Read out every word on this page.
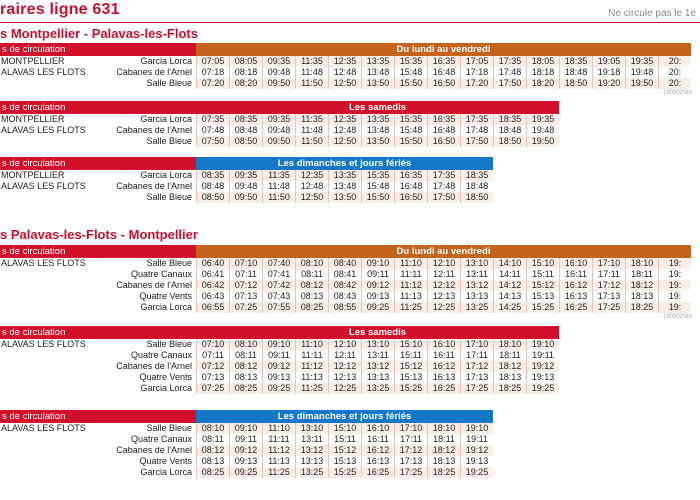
raires ligne 631	Ne circule pas le 1e
s Montpellier - Palavas-les-Flots
s de circulation	Du lundi au vendredi
MONTPELLIER	Garcia Lorca	07:05	08:05	09:35	11:35	12:35	13:35	15:35	16:35	17:05	17:35	18:05	18:35	19:05	19:35	20:
ALAVAS LES FLOTS	Cabanes de l'Arnel	07:18	08:18	09:48	11:48	12:48	13:48	15:48	16:48	17:18	17:48	18:18	18:48	19:18	19:48	20:
Salle Bleue	07:20	08:20	09:50	11:50	12:50	13:50	15:50	16:50	17:20	17:50	18:20	18:50	19:20	19:50	20:
190902SM
s de circulation	Les samedis
MONTPELLIER	Garcia Lorca	07:35	08:35	09:35	11:35	12:35	13:35	15:35	16:35	17:35	18:35	19:35
ALAVAS LES FLOTS	Cabanes de l'Arnel	07:48	08:48	09:48	11:48	12:48	13:48	15:48	16:48	17:48	18:48	19:48
Salle Bleue	07:50	08:50	09:50	11:50	12:50	13:50	15:50	16:50	17:50	18:50	19:50
s de circulation	Les dimanches et jours fériés
MONTPELLIER	Garcia Lorca	08:35	09:35	11:35	12:35	13:35	15:35	16:35	17:35	18:35
ALAVAS LES FLOTS	Cabanes de l'Arnel	08:48	09:48	11:48	12:48	13:48	15:48	16:48	17:48	18:48
Salle Bleue	08:50	09:50	11:50	12:50	13:50	15:50	16:50	17:50	18:50
s Palavas-les-Flots - Montpellier
s de circulation	Du lundi au vendredi
ALAVAS LES FLOTS	Salle Bleue	06:40	07:10	07:40	08:10	08:40	09:10	11:10	12:10	13:10	14:10	15:10	16:10	17:10	18:10	19:
Quatre Canaux	06:41	07:11	07:41	08:11	08:41	09:11	11:11	12:11	13:11	14:11	15:11	16:11	17:11	18:11	19:
Cabanes de l'Arnel	06:42	07:12	07:42	08:12	08:42	09:12	11:12	12:12	13:12	14:12	15:12	16:12	17:12	18:12	19:
Quatre Vents	06:43	07:13	07:43	08:13	08:43	09:13	11:13	12:13	13:13	14:13	15:13	16:13	17:13	18:13	19:
Garcia Lorca	06:55	07:25	07:55	08:25	08:55	09:25	11:25	12:25	13:25	14:25	15:25	16:25	17:25	18:25	19:
190902SM
s de circulation	Les samedis
ALAVAS LES FLOTS	Salle Bleue	07:10	08:10	09:10	11:10	12:10	13:10	15:10	16:10	17:10	18:10	19:10
Quatre Canaux	07:11	08:11	09:11	11:11	12:11	13:11	15:11	16:11	17:11	18:11	19:11
Cabanes de l'Arnel	07:12	08:12	09:12	11:12	12:12	13:12	15:12	16:12	17:12	18:12	19:12
Quatre Vents	07:13	08:13	09:13	11:13	12:13	13:13	15:13	16:13	17:13	18:13	19:13
Garcia Lorca	07:25	08:25	09:25	11:25	12:25	13:25	15:25	16:25	17:25	18:25	19:25
s de circulation	Les dimanches et jours fériés
ALAVAS LES FLOTS	Salle Bleue	08:10	09:10	11:10	13:10	15:10	16:10	17:10	18:10	19:10
Quatre Canaux	08:11	09:11	11:11	13:11	15:11	16:11	17:11	18:11	19:11
Cabanes de l'Arnel	08:12	09:12	11:12	13:12	15:12	16:12	17:12	18:12	19:12
Quatre Vents	08:13	09:13	11:13	13:13	15:13	16:13	17:13	18:13	19:13
Garcia Lorca	08:25	09:25	11:25	13:25	15:25	16:25	17:25	18:25	19:25
